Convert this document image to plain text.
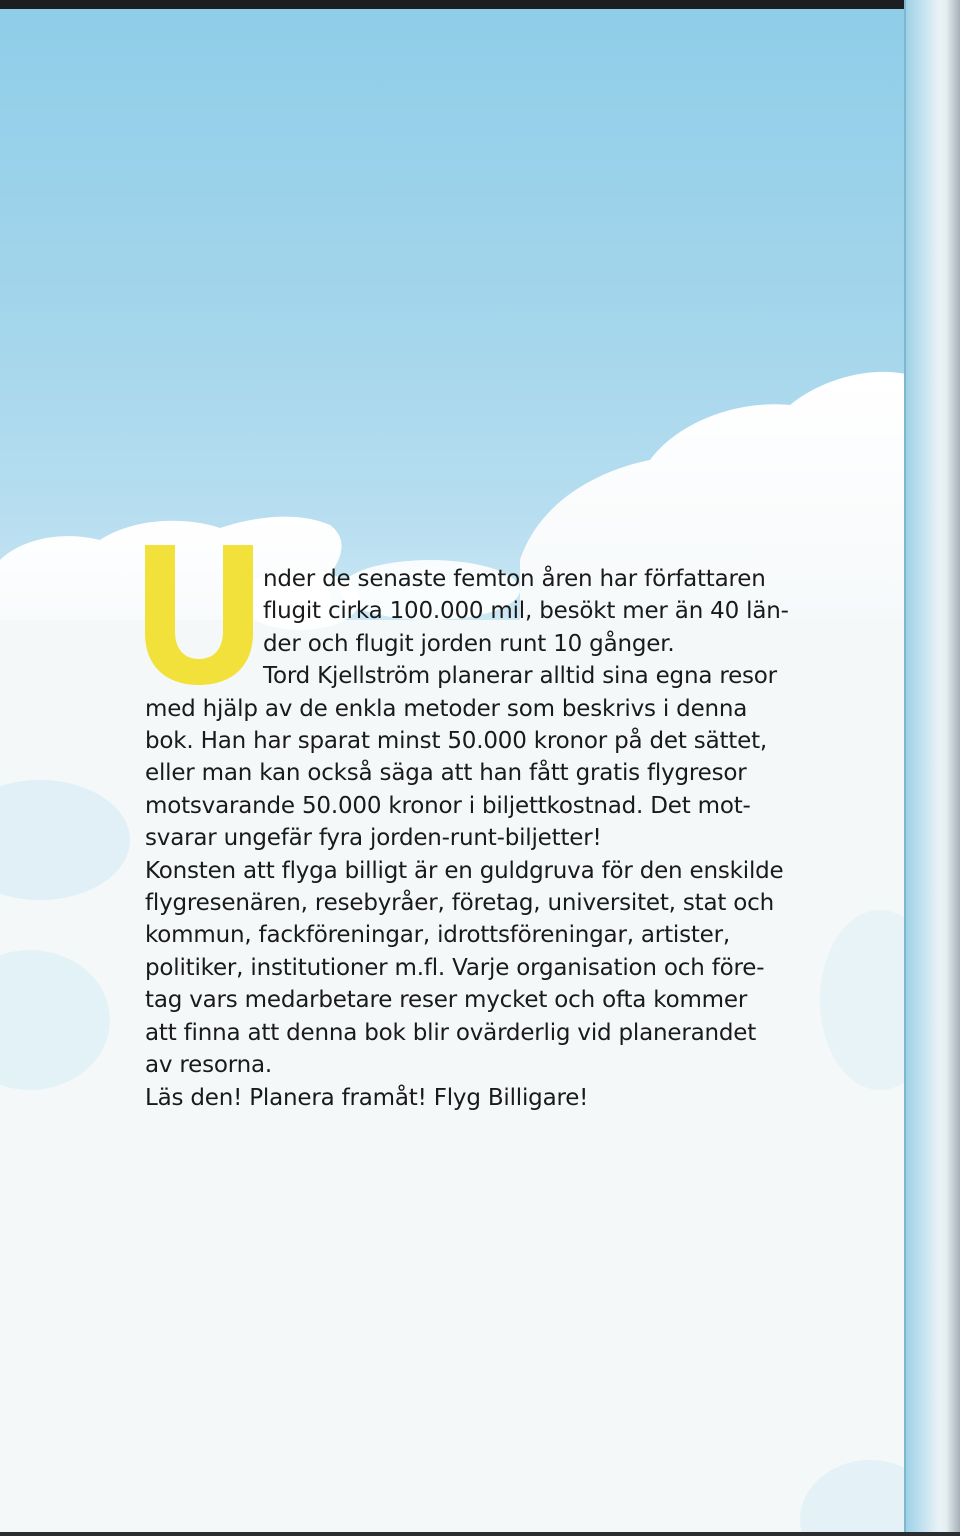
U
nder de senaste femton åren har författaren
flugit cirka 100.000 mil, besökt mer än 40 län-
der och flugit jorden runt 10 gånger.
Tord Kjellström planerar alltid sina egna resor
med hjälp av de enkla metoder som beskrivs i denna
bok. Han har sparat minst 50.000 kronor på det sättet,
eller man kan också säga att han fått gratis flygresor
motsvarande 50.000 kronor i biljettkostnad. Det mot-
svarar ungefär fyra jorden-runt-biljetter!
Konsten att flyga billigt är en guldgruva för den enskilde
flygresenären, resebyråer, företag, universitet, stat och
kommun, fackföreningar, idrottsföreningar, artister,
politiker, institutioner m.fl. Varje organisation och före-
tag vars medarbetare reser mycket och ofta kommer
att finna att denna bok blir ovärderlig vid planerandet
av resorna.
Läs den! Planera framåt! Flyg Billigare!
